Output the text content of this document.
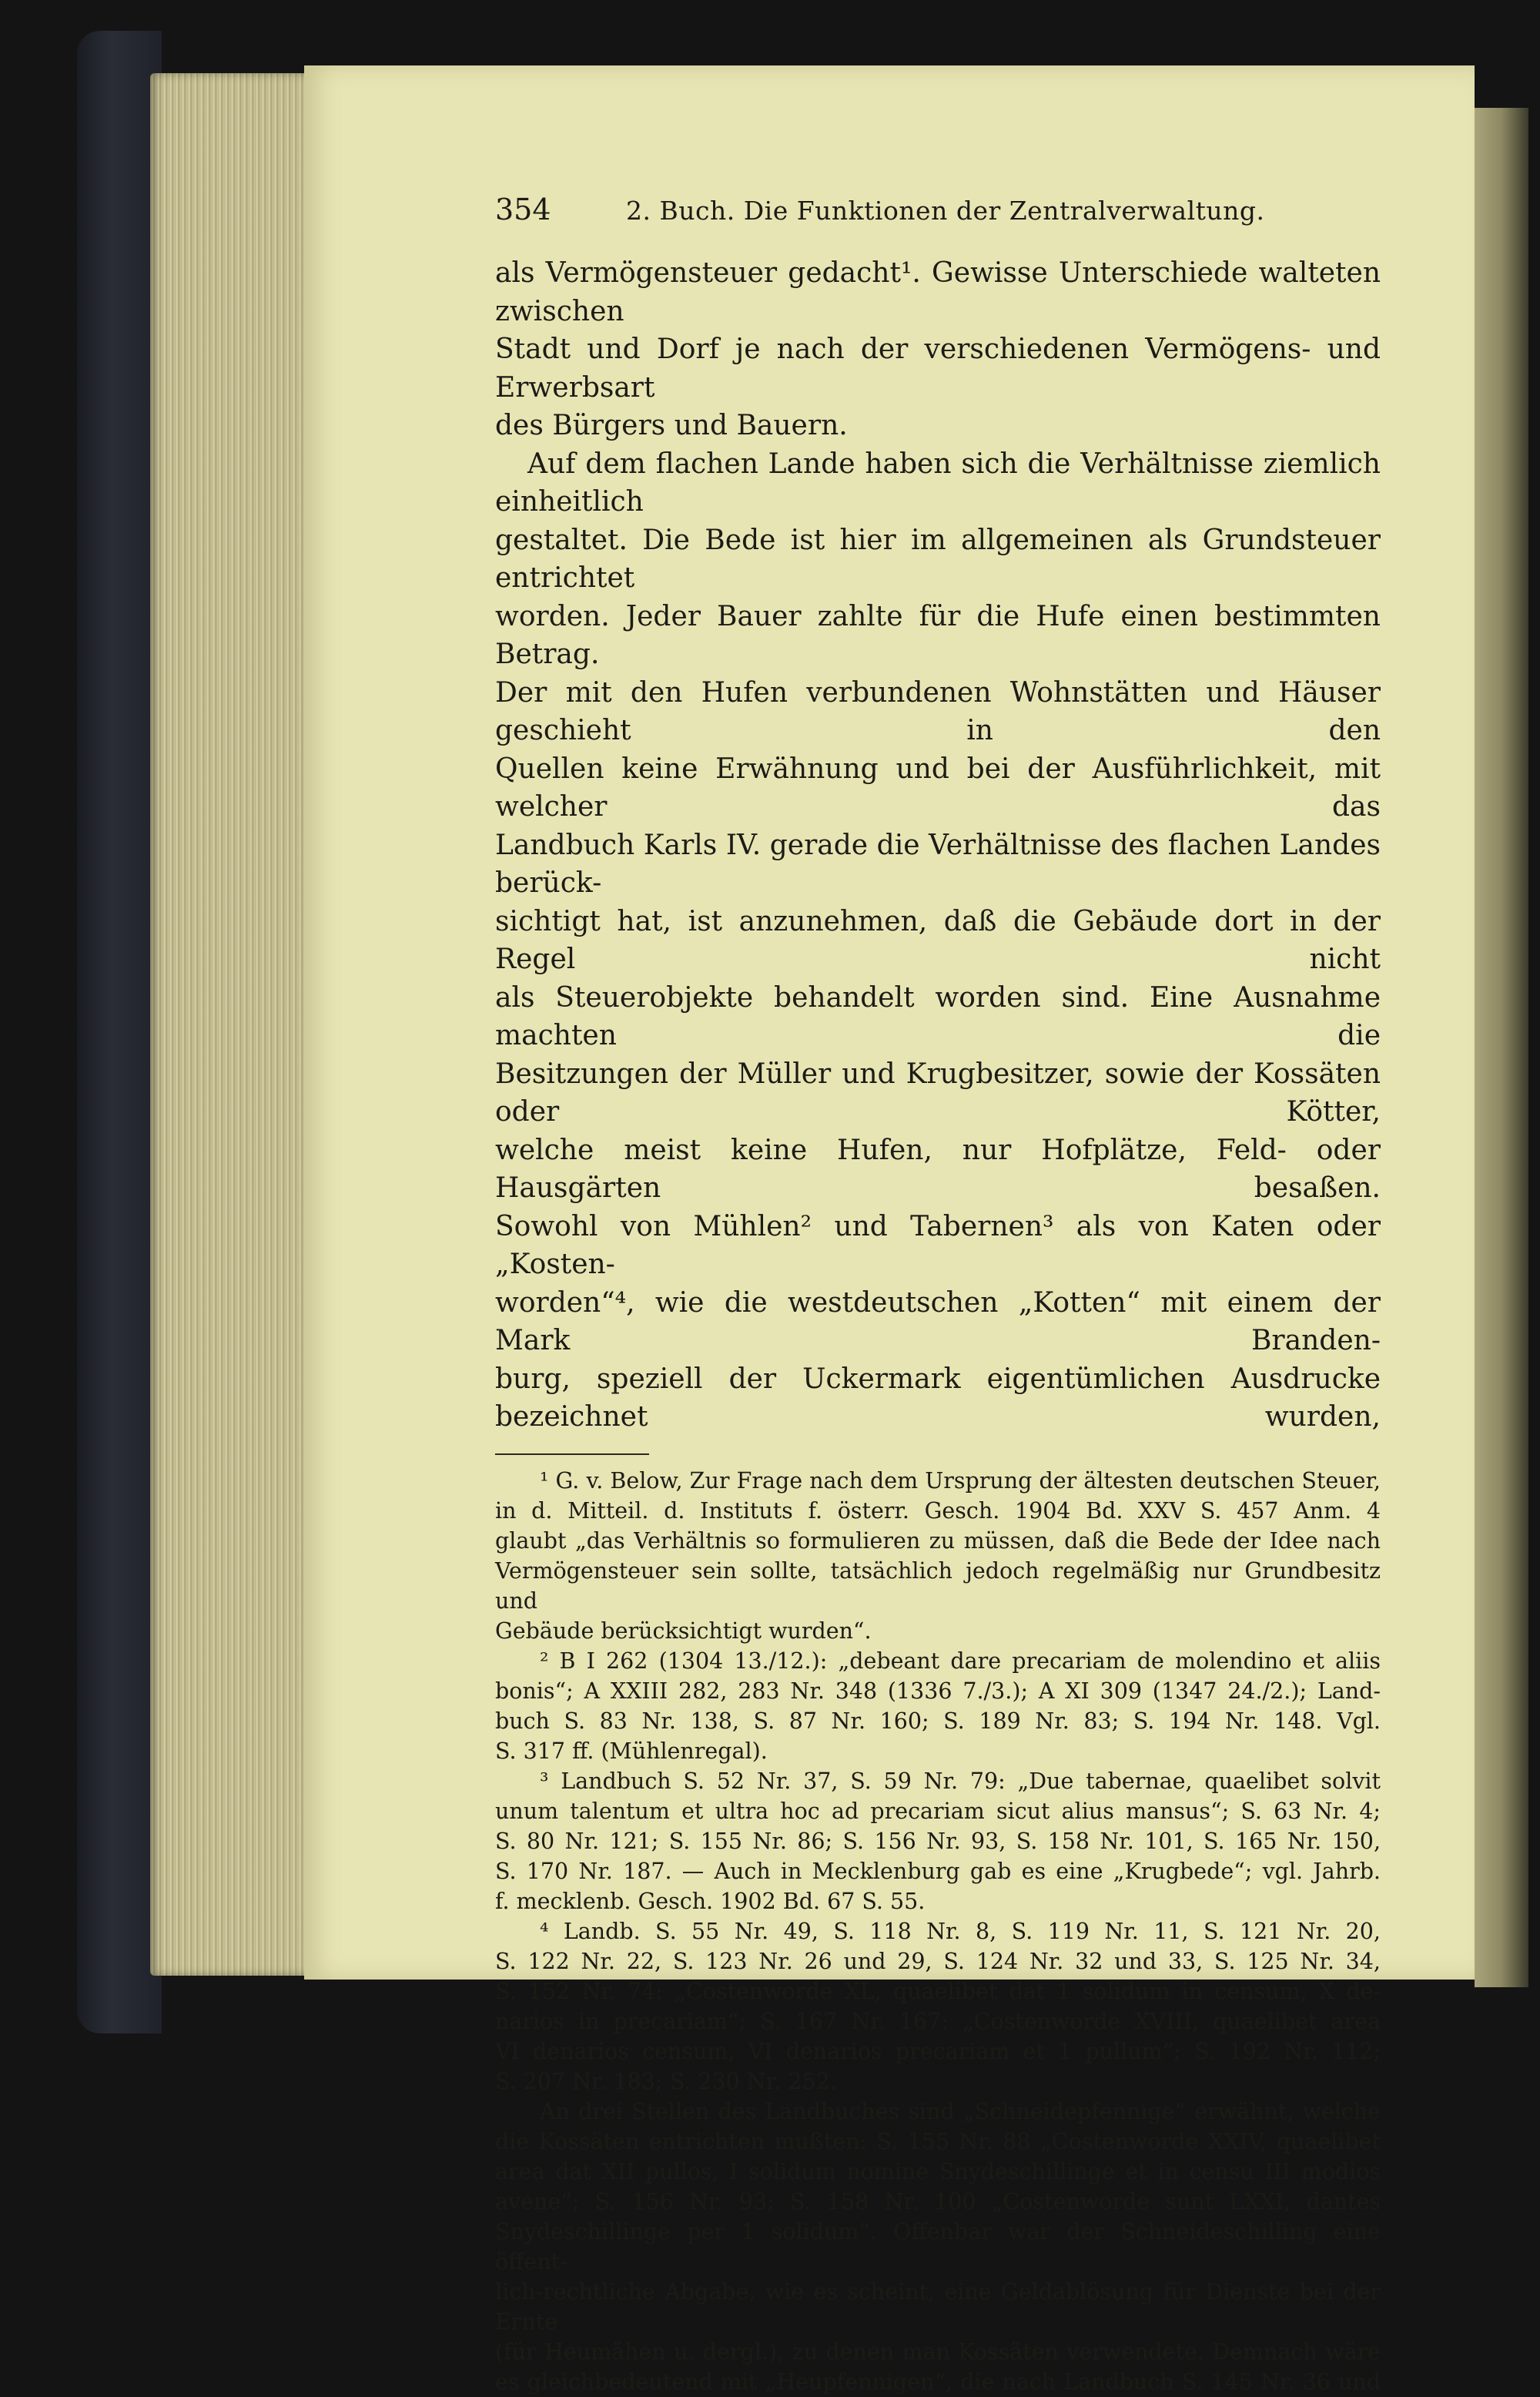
354	2. Buch. Die Funktionen der Zentralverwaltung.

als Vermögensteuer gedacht¹. Gewisse Unterschiede walteten zwischen

Stadt und Dorf je nach der verschiedenen Vermögens- und Erwerbsart

des Bürgers und Bauern.

Auf dem flachen Lande haben sich die Verhältnisse ziemlich einheitlich

gestaltet. Die Bede ist hier im allgemeinen als Grundsteuer entrichtet

worden. Jeder Bauer zahlte für die Hufe einen bestimmten Betrag.

Der mit den Hufen verbundenen Wohnstätten und Häuser geschieht in den

Quellen keine Erwähnung und bei der Ausführlichkeit, mit welcher das

Landbuch Karls IV. gerade die Verhältnisse des flachen Landes berück-

sichtigt hat, ist anzunehmen, daß die Gebäude dort in der Regel nicht

als Steuerobjekte behandelt worden sind. Eine Ausnahme machten die

Besitzungen der Müller und Krugbesitzer, sowie der Kossäten oder Kötter,

welche meist keine Hufen, nur Hofplätze, Feld- oder Hausgärten besaßen.

Sowohl von Mühlen² und Tabernen³ als von Katen oder „Kosten-

worden“⁴, wie die westdeutschen „Kotten“ mit einem der Mark Branden-

burg, speziell der Uckermark eigentümlichen Ausdrucke bezeichnet wurden,

¹ G. v. Below, Zur Frage nach dem Ursprung der ältesten deutschen Steuer,

in d. Mitteil. d. Instituts f. österr. Gesch. 1904 Bd. XXV S. 457 Anm. 4

glaubt „das Verhältnis so formulieren zu müssen, daß die Bede der Idee nach

Vermögensteuer sein sollte, tatsächlich jedoch regelmäßig nur Grundbesitz und

Gebäude berücksichtigt wurden“.

² B I 262 (1304 13./12.): „debeant dare precariam de molendino et aliis

bonis“; A XXIII 282, 283 Nr. 348 (1336 7./3.); A XI 309 (1347 24./2.); Land-

buch S. 83 Nr. 138, S. 87 Nr. 160; S. 189 Nr. 83; S. 194 Nr. 148. Vgl.

S. 317 ff. (Mühlenregal).

³ Landbuch S. 52 Nr. 37, S. 59 Nr. 79: „Due tabernae, quaelibet solvit

unum talentum et ultra hoc ad precariam sicut alius mansus“; S. 63 Nr. 4;

S. 80 Nr. 121; S. 155 Nr. 86; S. 156 Nr. 93, S. 158 Nr. 101, S. 165 Nr. 150,

S. 170 Nr. 187. — Auch in Mecklenburg gab es eine „Krugbede“; vgl. Jahrb.

f. mecklenb. Gesch. 1902 Bd. 67 S. 55.

⁴ Landb. S. 55 Nr. 49, S. 118 Nr. 8, S. 119 Nr. 11, S. 121 Nr. 20,

S. 122 Nr. 22, S. 123 Nr. 26 und 29, S. 124 Nr. 32 und 33, S. 125 Nr. 34,

S. 152 Nr. 74: „Costenworde XL, quaelibet dat 1 solidum in censum, X de-

narios in precariam“; S. 167 Nr. 167: „Costenworde XVIII, quaelibet area

VI denarios censum, VI denarios precariam et 1 pullum“; S. 192 Nr. 112;

S. 207 Nr. 183; S. 230 Nr. 252.

An drei Stellen des Landbuches sind „Schneidepfennige“ erwähnt, welche

die Kossäten entrichten mußten: S. 155 Nr. 88 „Costenworde XXIV, quaelibet

area dat XII pullos, I solidum nomine Snydeschillinge et in censu III modios

avene“; S. 156 Nr. 93; S. 158 Nr. 100 „Costenworde sunt LXXI, dantes

Snydeschillinge per 1 solidum“. Offenbar war der Schneideschilling eine öffent-

lich-rechtliche Abgabe, wie es scheint, eine Geldablösung für Dienste bei der Ernte

(für Heumähen u. dergl.), zu denen man Kossäten verwendete. Demnach wäre

es gleichbedeutend mit „Heupfennigen“, die nach Landbuch S. 145 Nr. 36 und
